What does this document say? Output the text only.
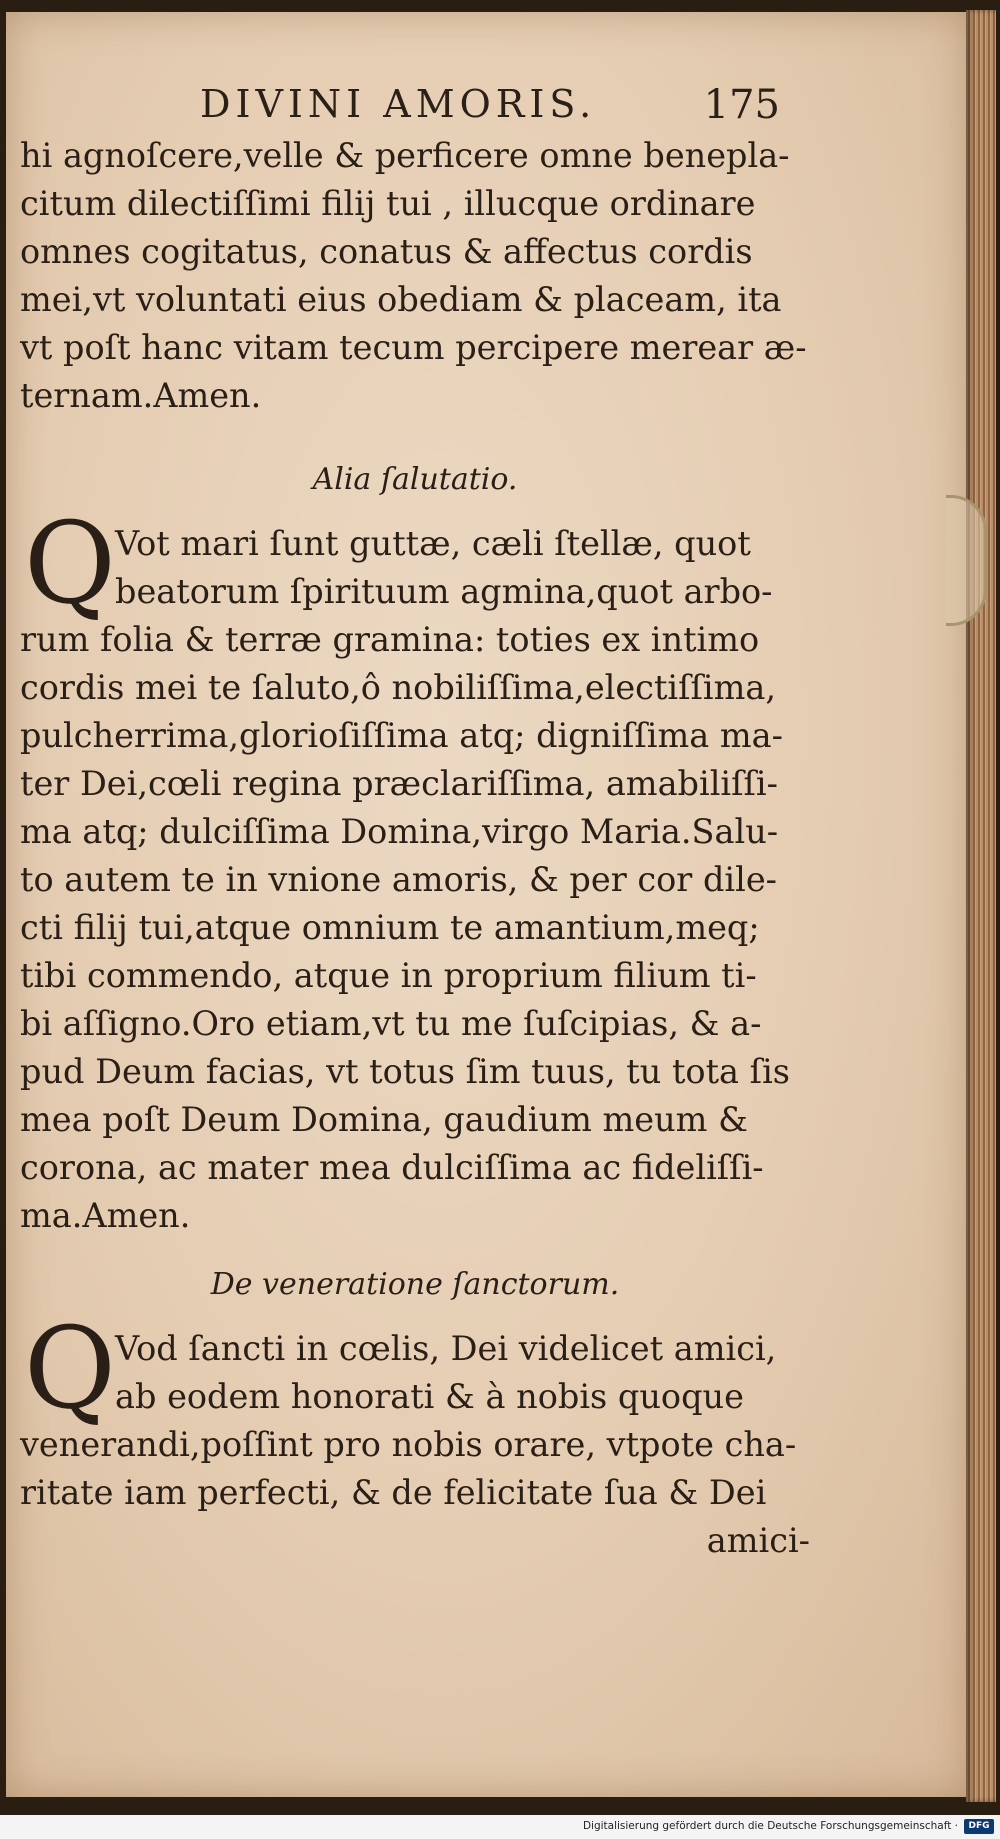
DIVINI AMORIS.	175
hi agnoſcere,velle & perficere omne benepla-
citum dilectiſſimi filij tui , illucque ordinare
omnes cogitatus, conatus & affectus cordis
mei,vt voluntati eius obediam & placeam, ita
vt poſt hanc vitam tecum percipere merear æ-
ternam.Amen.
Alia ſalutatio.
Q Vot mari ſunt guttæ, cæli ſtellæ, quot
beatorum ſpirituum agmina,quot arbo-
rum folia & terræ gramina: toties ex intimo
cordis mei te ſaluto,ô nobiliſſima,electiſſima,
pulcherrima,glorioſiſſima atq; digniſſima ma-
ter Dei,cœli regina præclariſſima, amabiliſſi-
ma atq; dulciſſima Domina,virgo Maria.Salu-
to autem te in vnione amoris, & per cor dile-
cti filij tui,atque omnium te amantium,meq;
tibi commendo, atque in proprium filium ti-
bi aſſigno.Oro etiam,vt tu me ſuſcipias, & a-
pud Deum facias, vt totus ſim tuus, tu tota ſis
mea poſt Deum Domina, gaudium meum &
corona, ac mater mea dulciſſima ac fideliſſi-
ma.Amen.
De veneratione ſanctorum.
Q Vod ſancti in cœlis, Dei videlicet amici,
ab eodem honorati & à nobis quoque
venerandi,poſſint pro nobis orare, vtpote cha-
ritate iam perfecti, & de felicitate ſua & Dei
amici-
Digitalisierung gefördert durch die Deutsche Forschungsgemeinschaft ·	DFG
